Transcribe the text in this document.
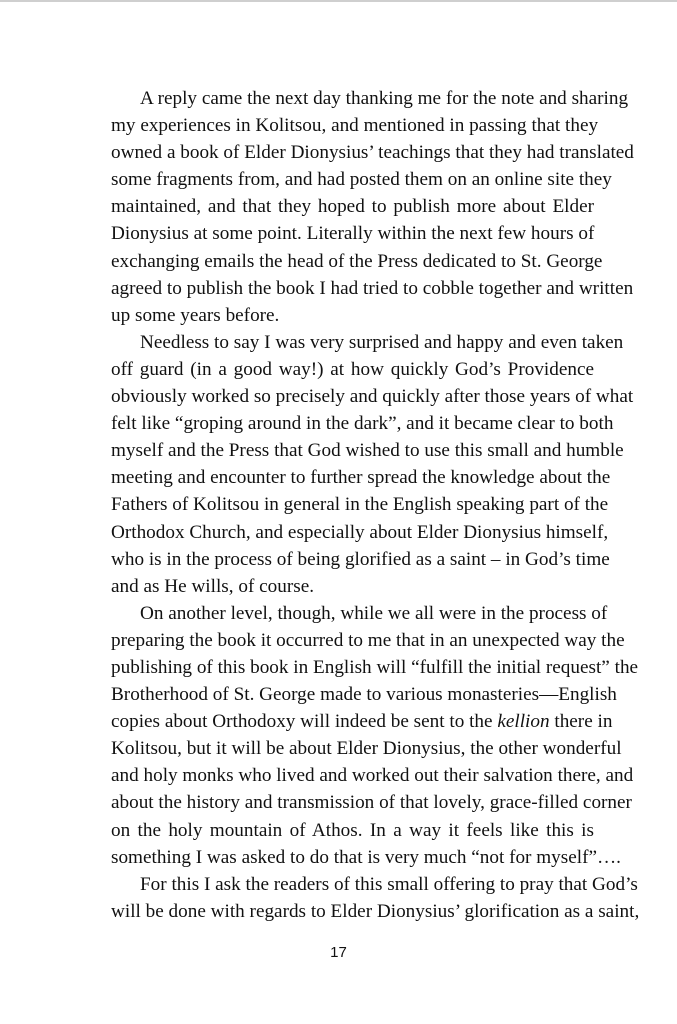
A reply came the next day thanking me for the note and sharing
my experiences in Kolitsou, and mentioned in passing that they
owned a book of Elder Dionysius’ teachings that they had translated
some fragments from, and had posted them on an online site they
maintained, and that they hoped to publish more about Elder
Dionysius at some point. Literally within the next few hours of
exchanging emails the head of the Press dedicated to St. George
agreed to publish the book I had tried to cobble together and written
up some years before.
Needless to say I was very surprised and happy and even taken
off guard (in a good way!) at how quickly God’s Providence
obviously worked so precisely and quickly after those years of what
felt like “groping around in the dark”, and it became clear to both
myself and the Press that God wished to use this small and humble
meeting and encounter to further spread the knowledge about the
Fathers of Kolitsou in general in the English speaking part of the
Orthodox Church, and especially about Elder Dionysius himself,
who is in the process of being glorified as a saint – in God’s time
and as He wills, of course.
On another level, though, while we all were in the process of
preparing the book it occurred to me that in an unexpected way the
publishing of this book in English will “fulfill the initial request” the
Brotherhood of St. George made to various monasteries—English
copies about Orthodoxy will indeed be sent to the kellion there in
Kolitsou, but it will be about Elder Dionysius, the other wonderful
and holy monks who lived and worked out their salvation there, and
about the history and transmission of that lovely, grace-filled corner
on the holy mountain of Athos. In a way it feels like this is
something I was asked to do that is very much “not for myself”….
For this I ask the readers of this small offering to pray that God’s
will be done with regards to Elder Dionysius’ glorification as a saint,
17
